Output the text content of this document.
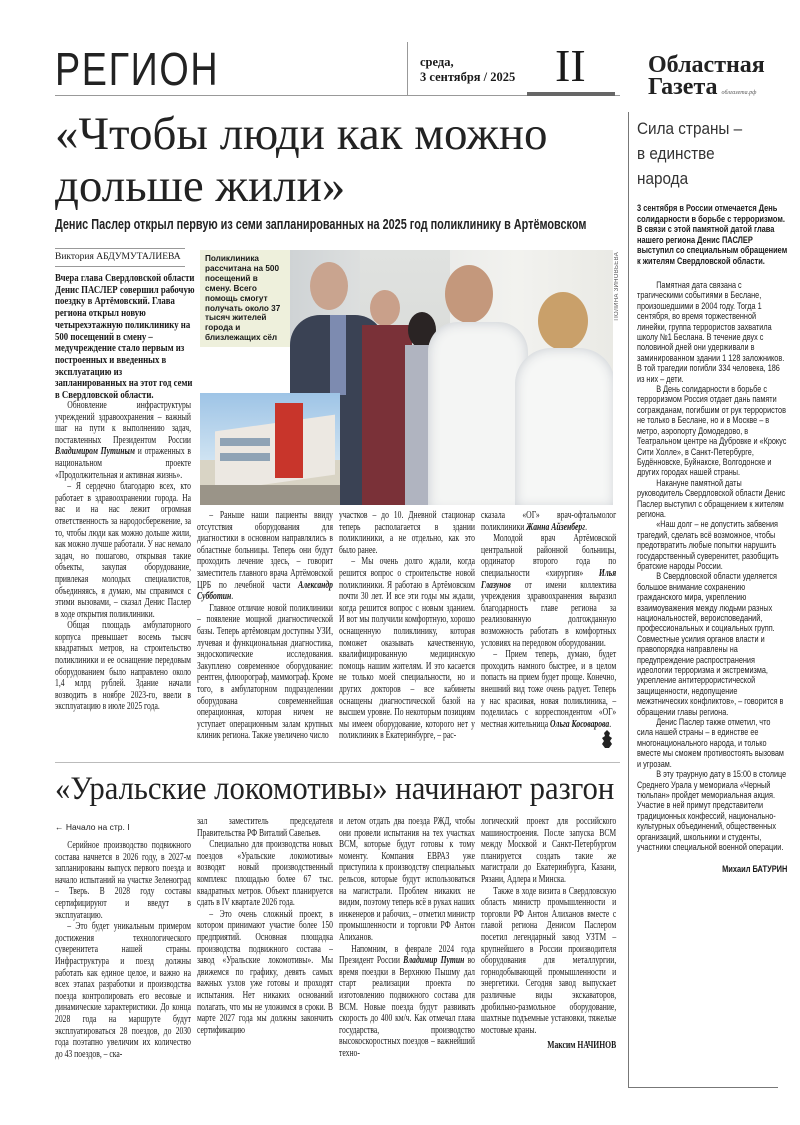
РЕГИОН	среда,
3 сентября / 2025 II	Областная
Газета облгазета.рф
«Чтобы люди как можно
дольше жили»
Денис Паслер открыл первую из семи запланированных на 2025 год поликлинику в Артёмовском
Виктория АБДУМУТАЛИЕВА
Вчера глава Свердловской области Денис ПАСЛЕР совершил рабочую поездку в Артёмовский. Глава региона открыл новую четырехэтажную поликлинику на 500 посещений в смену – медучреждение стало первым из построенных и введенных в эксплуатацию из запланированных на этот год семи в Свердловской области.
Поликлиника рассчитана на 500 посещений в смену. Всего помощь смогут получать около 37 тысяч жителей города и близлежащих сёл
ПОЛИНА ЗИНОВЬЕВА

Обновление инфраструктуры учреждений здравоохранения – важный шаг на пути к выполнению задач, поставленных Президентом России Владимиром Путиным и отраженных в национальном проекте «Продолжительная и активная жизнь».

– Я сердечно благодарю всех, кто работает в здравоохранении города. На вас и на нас лежит огромная ответственность за народосбережение, за то, чтобы люди как можно дольше жили, как можно лучше работали. У нас немало задач, но пошагово, открывая такие объекты, закупая оборудование, привлекая молодых специалистов, объединяясь, я думаю, мы справимся с этими вызовами, – сказал Денис Паслер в ходе открытия поликлиники.

Общая площадь амбулаторного корпуса превышает восемь тысяч квадратных метров, на строительство поликлиники и ее оснащение передовым оборудованием было направлено около 1,4 млрд рублей. Здание начали возводить в ноябре 2023-го, ввели в эксплуатацию в июле 2025 года.

– Раньше наши пациенты ввиду отсутствия оборудования для диагностики в основном направлялись в областные больницы. Теперь они будут проходить лечение здесь, – говорит заместитель главного врача Артёмовской ЦРБ по лечебной части Александр Субботин.

Главное отличие новой поликлиники – появление мощной диагностической базы. Теперь артёмовцам доступны УЗИ, лучевая и функциональная диагностика, эндоскопические исследования. Закуплено современное оборудование: рентген, флюорограф, маммограф. Кроме того, в амбулаторном подразделении оборудована современнейшая операционная, которая ничем не уступает операционным залам крупных клиник региона. Также увеличено число

участков – до 10. Дневной стационар теперь располагается в здании поликлиники, а не отдельно, как это было ранее.

– Мы очень долго ждали, когда решится вопрос о строительстве новой поликлиники. Я работаю в Артёмовском почти 30 лет. И все эти годы мы ждали, когда решится вопрос с новым зданием. И вот мы получили комфортную, хорошо оснащенную поликлинику, которая поможет оказывать качественную, квалифицированную медицинскую помощь нашим жителям. И это касается не только моей специальности, но и других докторов – все кабинеты оснащены диагностической базой на высшем уровне. По некоторым позициям мы имеем оборудование, которого нет у поликлиник в Екатеринбурге, – рас-

сказала «ОГ» врач-офтальмолог поликлиники Жанна Айзенберг.

Молодой врач Артёмовской центральной районной больницы, ординатор второго года по специальности «хирургия» Илья Глазунов от имени коллектива учреждения здравоохранения выразил благодарность главе региона за реализованную долгожданную возможность работать в комфортных условиях на передовом оборудовании.

– Прием теперь, думаю, будет проходить намного быстрее, и в целом попасть на прием будет проще. Конечно, внешний вид тоже очень радует. Теперь у нас красивая, новая поликлиника, – поделилась с корреспондентом «ОГ» местная жительница Ольга Косоварова.

«Уральские локомотивы» начинают разгон
← Начало на стр. I

Серийное производство подвижного состава начнется в 2026 году, в 2027-м запланированы выпуск первого поезда и начало испытаний на участке Зеленоград – Тверь. В 2028 году составы сертифицируют и введут в эксплуатацию.

– Это будет уникальным примером достижения технологического суверенитета нашей страны. Инфраструктура и поезд должны работать как единое целое, и важно на всех этапах разработки и производства поезда контролировать его весовые и динамические характеристики. До конца 2028 года на маршруте будут эксплуатироваться 28 поездов, до 2030 года поэтапно увеличим их количество до 43 поездов, – ска-

зал заместитель председателя Правительства РФ Виталий Савельев.

Специально для производства новых поездов «Уральские локомотивы» возводят новый производственный комплекс площадью более 67 тыс. квадратных метров. Объект планируется сдать в IV квартале 2026 года.

– Это очень сложный проект, в котором принимают участие более 150 предприятий. Основная площадка производства подвижного состава – завод «Уральские локомотивы». Мы движемся по графику, девять самых важных узлов уже готовы и проходят испытания. Нет никаких оснований полагать, что мы не уложимся в сроки. В марте 2027 года мы должны закончить сертификацию

и летом отдать два поезда РЖД, чтобы они провели испытания на тех участках ВСМ, которые будут готовы к тому моменту. Компания ЕВРАЗ уже приступила к производству специальных рельсов, которые будут использоваться на магистрали. Проблем никаких не видим, поэтому теперь всё в руках наших инженеров и рабочих, – отметил министр промышленности и торговли РФ Антон Алиханов.

Напомним, в феврале 2024 года Президент России Владимир Путин во время поездки в Верхнюю Пышму дал старт реализации проекта по изготовлению подвижного состава для ВСМ. Новые поезда будут развивать скорость до 400 км/ч. Как отмечал глава государства, производство высокоскоростных поездов – важнейший техно-

логический проект для российского машиностроения. После запуска ВСМ между Москвой и Санкт-Петербургом планируется создать такие же магистрали до Екатеринбурга, Казани, Рязани, Адлера и Минска.

Также в ходе визита в Свердловскую область министр промышленности и торговли РФ Антон Алиханов вместе с главой региона Денисом Паслером посетил легендарный завод УЗТМ – крупнейшего в России производителя оборудования для металлургии, горнодобывающей промышленности и энергетики. Сегодня завод выпускает различные виды экскаваторов, дробильно-размольное оборудование, шахтные подъемные установки, тяжелые мостовые краны.

Максим НАЧИНОВ
Сила страны –
в единстве
народа
3 сентября в России отмечается День солидарности в борьбе с терроризмом. В связи с этой памятной датой глава нашего региона Денис ПАСЛЕР выступил со специальным обращением к жителям Свердловской области.

Памятная дата связана с трагическими событиями в Беслане, произошедшими в 2004 году. Тогда 1 сентября, во время торжественной линейки, группа террористов захватила школу №1 Беслана. В течение двух с половиной дней они удерживали в заминированном здании 1 128 заложников. В той трагедии погибли 334 человека, 186 из них – дети.

В День солидарности в борьбе с терроризмом Россия отдает дань памяти согражданам, погибшим от рук террористов не только в Беслане, но и в Москве – в метро, аэропорту Домодедово, в Театральном центре на Дубровке и «Крокус Сити Холле», в Санкт-Петербурге, Будённовске, Буйнакске, Волгодонске и других городах нашей страны.

Накануне памятной даты руководитель Свердловской области Денис Паслер выступил с обращением к жителям региона.

«Наш долг – не допустить забвения трагедий, сделать всё возможное, чтобы предотвратить любые попытки нарушить государственный суверенитет, разобщить братские народы России.

В Свердловской области уделяется большое внимание сохранению гражданского мира, укреплению взаимоуважения между людьми разных национальностей, вероисповеданий, профессиональных и социальных групп. Совместные усилия органов власти и правопорядка направлены на предупреждение распространения идеологии терроризма и экстремизма, укрепление антитеррористической защищенности, недопущение межэтнических конфликтов», – говорится в обращении главы региона.

Денис Паслер также отметил, что сила нашей страны – в единстве ее многонационального народа, и только вместе мы сможем противостоять вызовам и угрозам.

В эту траурную дату в 15:00 в столице Среднего Урала у мемориала «Черный тюльпан» пройдет мемориальная акция. Участие в ней примут представители традиционных конфессий, национально-культурных объединений, общественных организаций, школьники и студенты, участники специальной военной операции.

Михаил БАТУРИН
